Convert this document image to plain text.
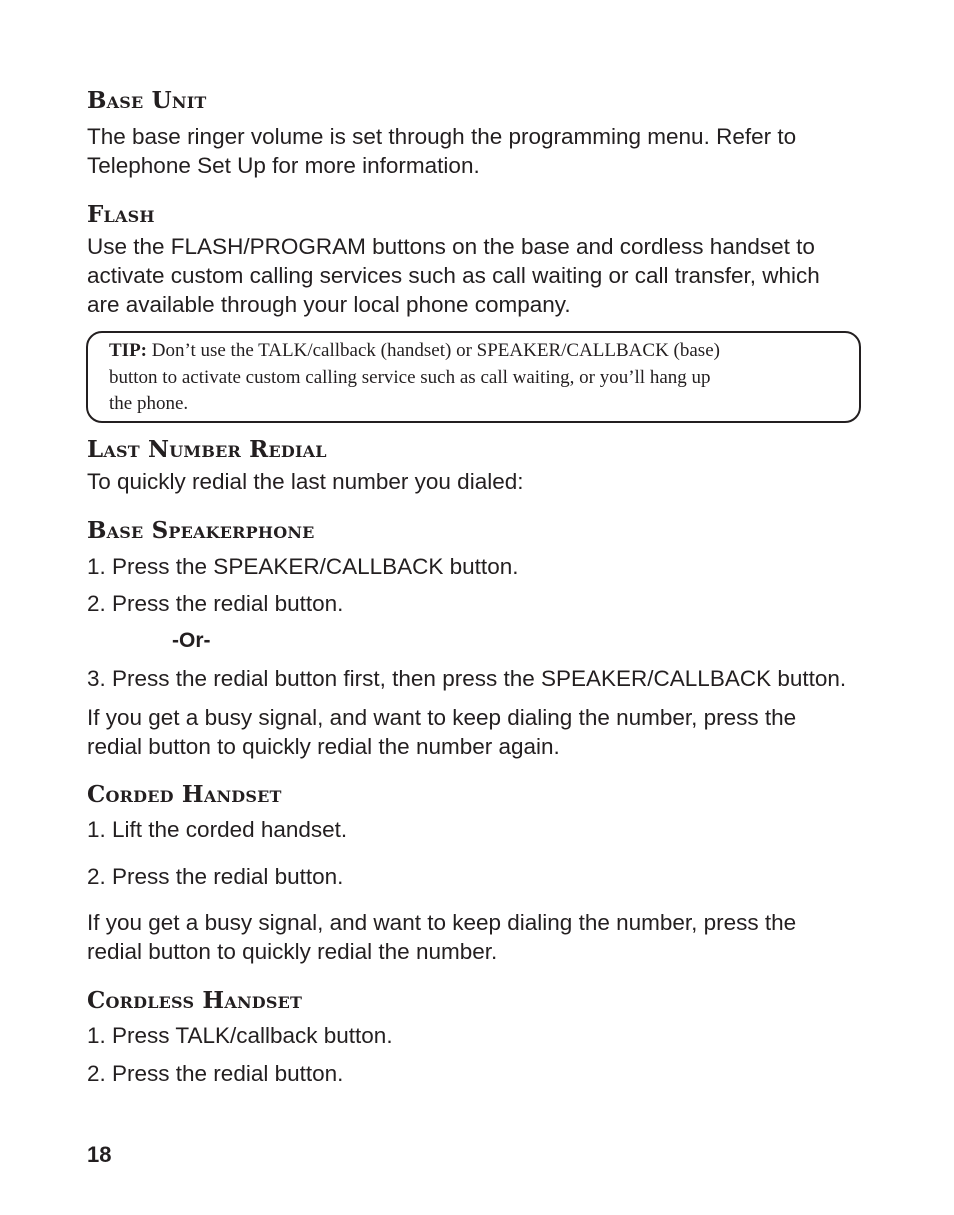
Base Unit

The base ringer volume is set through the programming menu. Refer to

Telephone Set Up for more information.

Flash

Use the FLASH/PROGRAM buttons on the base and cordless handset to

activate custom calling services such as call waiting or call transfer, which

are available through your local phone company.

TIP: Don’t use the TALK/callback (handset) or SPEAKER/CALLBACK (base)

button to activate custom calling service such as call waiting, or you’ll hang up

the phone.

Last Number Redial

To quickly redial the last number you dialed:

Base Speakerphone

1. Press the SPEAKER/CALLBACK button.

2. Press the redial button.

-Or-

3. Press the redial button first, then press the SPEAKER/CALLBACK button.

If you get a busy signal, and want to keep dialing the number, press the

redial button to quickly redial the number again.

Corded Handset

1. Lift the corded handset.

2. Press the redial button.

If you get a busy signal, and want to keep dialing the number, press the

redial button to quickly redial the number.

Cordless Handset

1. Press TALK/callback button.

2. Press the redial button.

18
